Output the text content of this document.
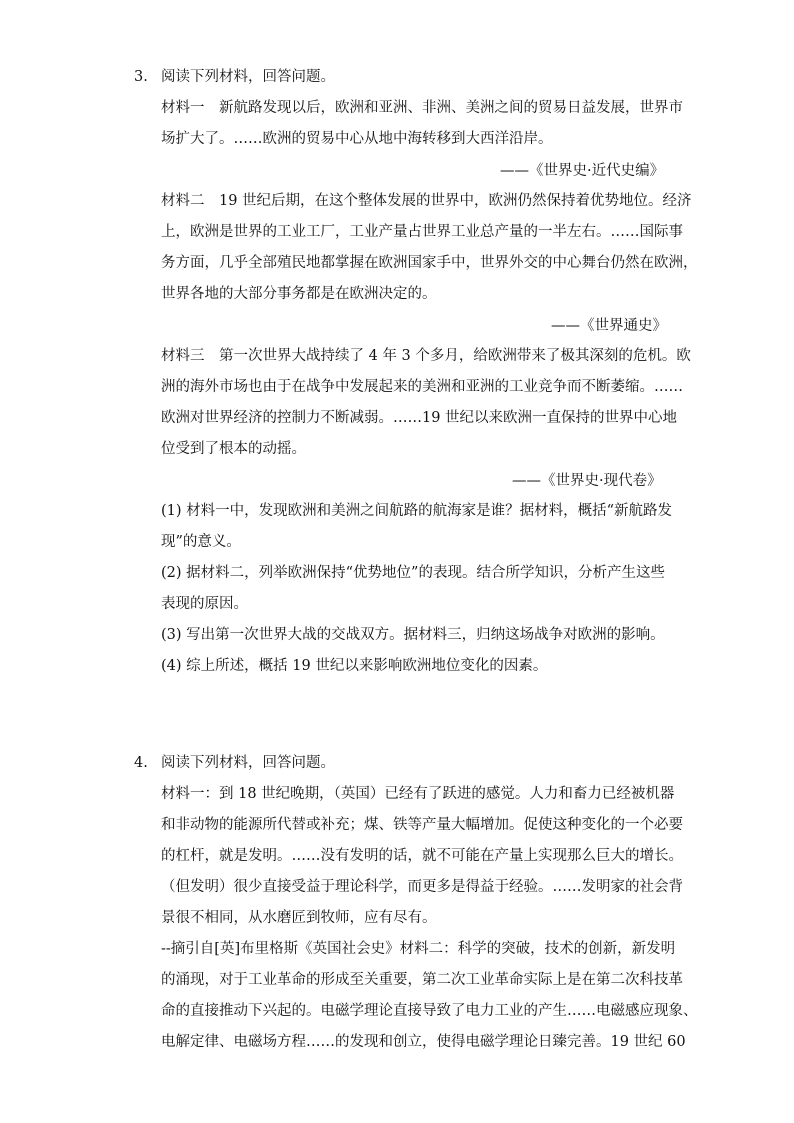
3. 阅读下列材料，回答问题。
材料一　新航路发现以后，欧洲和亚洲、非洲、美洲之间的贸易日益发展，世界市
场扩大了。……欧洲的贸易中心从地中海转移到大西洋沿岸。
——《世界史·近代史编》
材料二　19 世纪后期，在这个整体发展的世界中，欧洲仍然保持着优势地位。经济
上，欧洲是世界的工业工厂，工业产量占世界工业总产量的一半左右。……国际事
务方面，几乎全部殖民地都掌握在欧洲国家手中，世界外交的中心舞台仍然在欧洲，
世界各地的大部分事务都是在欧洲决定的。
——《世界通史》
材料三　第一次世界大战持续了 4 年 3 个多月，给欧洲带来了极其深刻的危机。欧
洲的海外市场也由于在战争中发展起来的美洲和亚洲的工业竞争而不断萎缩。……
欧洲对世界经济的控制力不断减弱。……19 世纪以来欧洲一直保持的世界中心地
位受到了根本的动摇。
——《世界史·现代卷》
(1) 材料一中，发现欧洲和美洲之间航路的航海家是谁？据材料，概括“新航路发
现”的意义。
(2) 据材料二，列举欧洲保持“优势地位”的表现。结合所学知识，分析产生这些
表现的原因。
(3) 写出第一次世界大战的交战双方。据材料三，归纳这场战争对欧洲的影响。
(4) 综上所述，概括 19 世纪以来影响欧洲地位变化的因素。
4. 阅读下列材料，回答问题。
材料一：到 18 世纪晚期，（英国）已经有了跃进的感觉。人力和畜力已经被机器
和非动物的能源所代替或补充；煤、铁等产量大幅增加。促使这种变化的一个必要
的杠杆，就是发明。……没有发明的话，就不可能在产量上实现那么巨大的增长。
（但发明）很少直接受益于理论科学，而更多是得益于经验。……发明家的社会背
景很不相同，从水磨匠到牧师，应有尽有。
--摘引自[英]布里格斯《英国社会史》材料二：科学的突破，技术的创新，新发明
的涌现，对于工业革命的形成至关重要，第二次工业革命实际上是在第二次科技革
命的直接推动下兴起的。电磁学理论直接导致了电力工业的产生……电磁感应现象、
电解定律、电磁场方程……的发现和创立，使得电磁学理论日臻完善。19 世纪 60
